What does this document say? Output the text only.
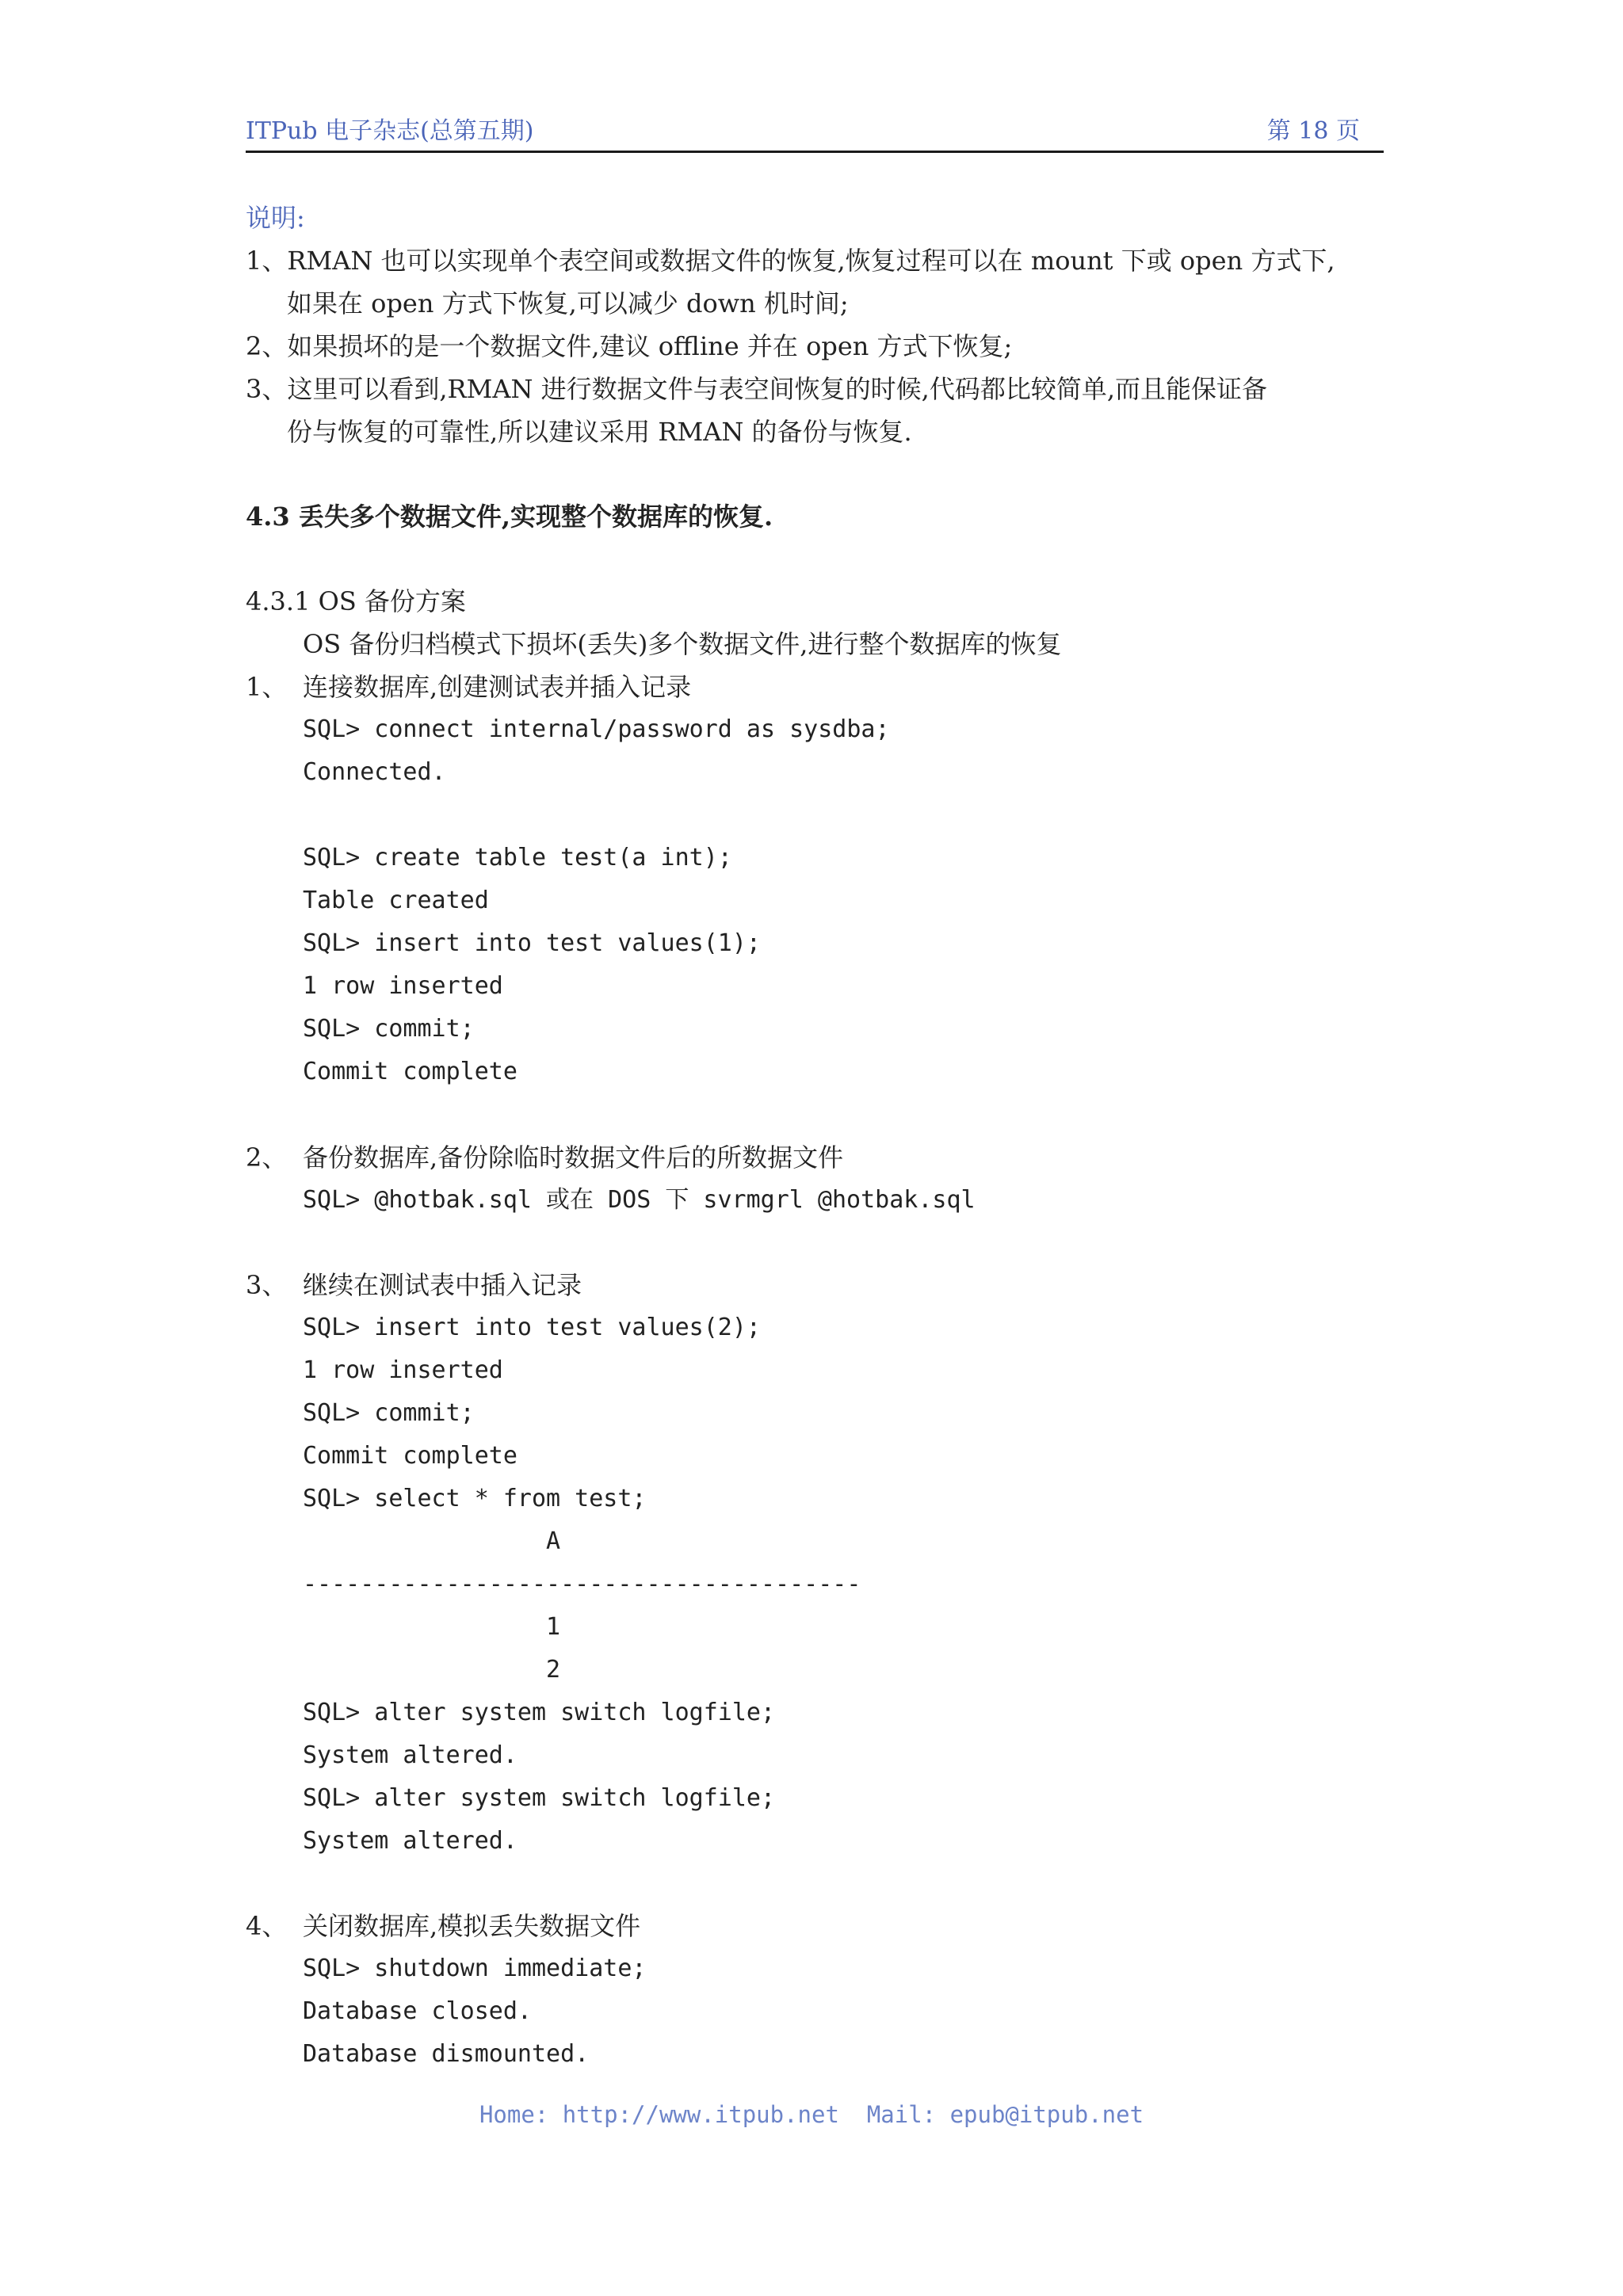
ITPub 电子杂志(总第五期)	第 18 页
说明:
1、RMAN 也可以实现单个表空间或数据文件的恢复,恢复过程可以在 mount 下或 open 方式下,
如果在 open 方式下恢复,可以减少 down 机时间;
2、如果损坏的是一个数据文件,建议 offline 并在 open 方式下恢复;
3、这里可以看到,RMAN 进行数据文件与表空间恢复的时候,代码都比较简单,而且能保证备
份与恢复的可靠性,所以建议采用 RMAN 的备份与恢复.
4.3 丢失多个数据文件,实现整个数据库的恢复.
4.3.1 OS 备份方案
OS 备份归档模式下损坏(丢失)多个数据文件,进行整个数据库的恢复
1、 连接数据库,创建测试表并插入记录
SQL> connect internal/password as sysdba;
Connected.
SQL> create table test(a int);
Table created
SQL> insert into test values(1);
1 row inserted
SQL> commit;
Commit complete
2、 备份数据库,备份除临时数据文件后的所数据文件
SQL> @hotbak.sql 或在 DOS 下 svrmgrl @hotbak.sql
3、 继续在测试表中插入记录
SQL> insert into test values(2);
1 row inserted
SQL> commit;
Commit complete
SQL> select * from test;
A
---------------------------------------
1
2
SQL> alter system switch logfile;
System altered.
SQL> alter system switch logfile;
System altered.
4、 关闭数据库,模拟丢失数据文件
SQL> shutdown immediate;
Database closed.
Database dismounted.
Home: http://www.itpub.net  Mail: epub@itpub.net
